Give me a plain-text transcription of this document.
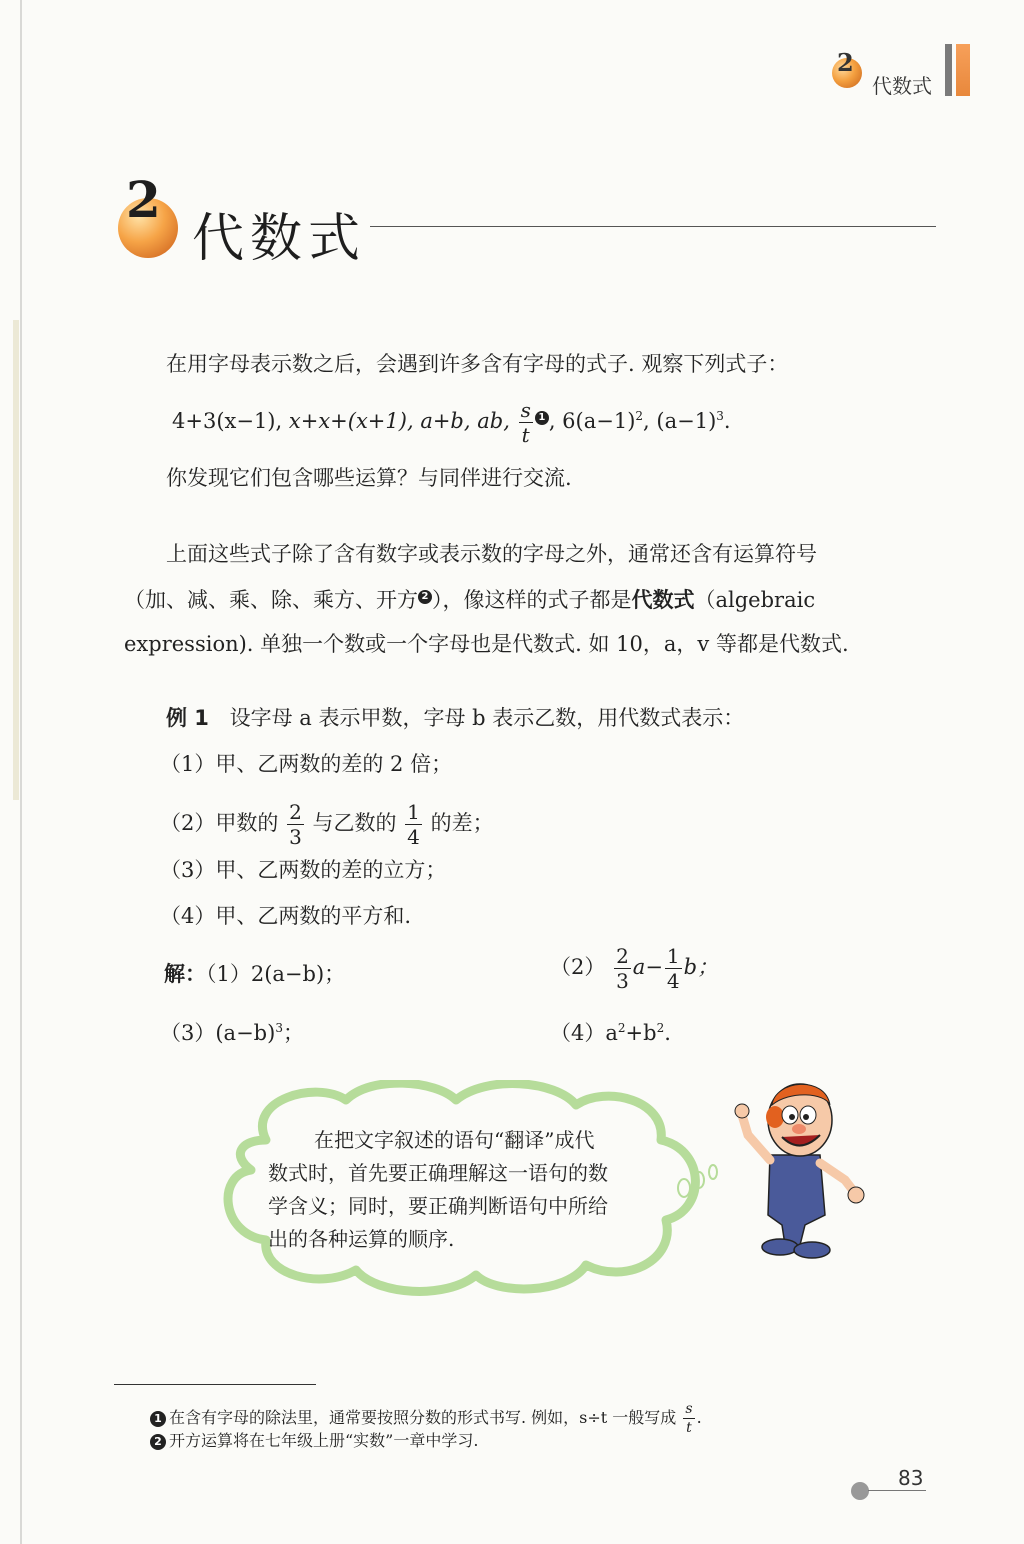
2
代数式
2
代数式
在用字母表示数之后，会遇到许多含有字母的式子. 观察下列式子：
4+3(x−1), x+x+(x+1), a+b, ab, $\frac{s}{t} 1$ , $6(a-1)^2$, $(a-1)^3$.
你发现它们包含哪些运算？与同伴进行交流.
上面这些式子除了含有数字或表示数的字母之外，通常还含有运算符号
（加、减、乘、除、乘方、开方 2 ），像这样的式子都是代数式（algebraic
expression). 单独一个数或一个字母也是代数式. 如 10，a，v 等都是代数式.
例 1 设字母 a 表示甲数，字母 b 表示乙数，用代数式表示：
（1）甲、乙两数的差的 2 倍；
（2）甲数的 $\frac{2}{3}$ 与乙数的 $\frac{1}{4}$ 的差；
（3）甲、乙两数的差的立方；
（4）甲、乙两数的平方和.
解：（1）2(a−b)；	$(2) \frac{2}{3} a- \frac{1}{4}$ b；
$(3)(a-b)^3$；	$(4)a^2+b^2$.
在把文字叙述的语句“翻译”成代
数式时，首先要正确理解这一语句的数
学含义；同时，要正确判断语句中所给
出的各种运算的顺序.
1 在含有字母的除法里，通常要按照分数的形式书写. 例如，s÷t 一般写成 $\frac{s}{t}$ .
2 开方运算将在七年级上册“实数”一章中学习.
83
